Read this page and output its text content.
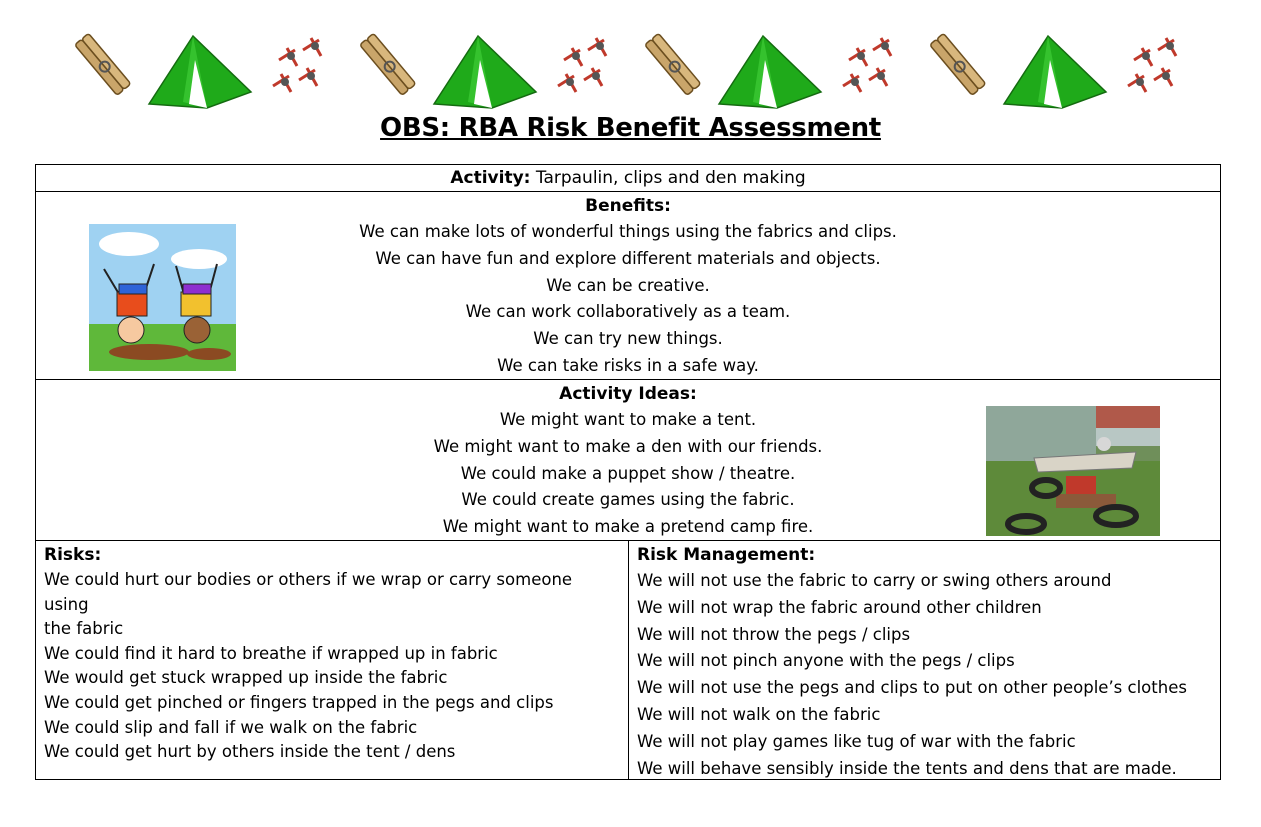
OBS: RBA Risk Benefit Assessment
Activity: Tarpaulin, clips and den making
Benefits:
We can make lots of wonderful things using the fabrics and clips.
We can have fun and explore different materials and objects.
We can be creative.
We can work collaboratively as a team.
We can try new things.
We can take risks in a safe way.
Activity Ideas:
We might want to make a tent.
We might want to make a den with our friends.
We could make a puppet show / theatre.
We could create games using the fabric.
We might want to make a pretend camp fire.
Risks:
We could hurt our bodies or others if we wrap or carry someone using
the fabric
We could find it hard to breathe if wrapped up in fabric
We would get stuck wrapped up inside the fabric
We could get pinched or fingers trapped in the pegs and clips
We could slip and fall if we walk on the fabric
We could get hurt by others inside the tent / dens
Risk Management:
We will not use the fabric to carry or swing others around
We will not wrap the fabric around other children
We will not throw the pegs / clips
We will not pinch anyone with the pegs / clips
We will not use the pegs and clips to put on other people’s clothes
We will not walk on the fabric
We will not play games like tug of war with the fabric
We will behave sensibly inside the tents and dens that are made.
